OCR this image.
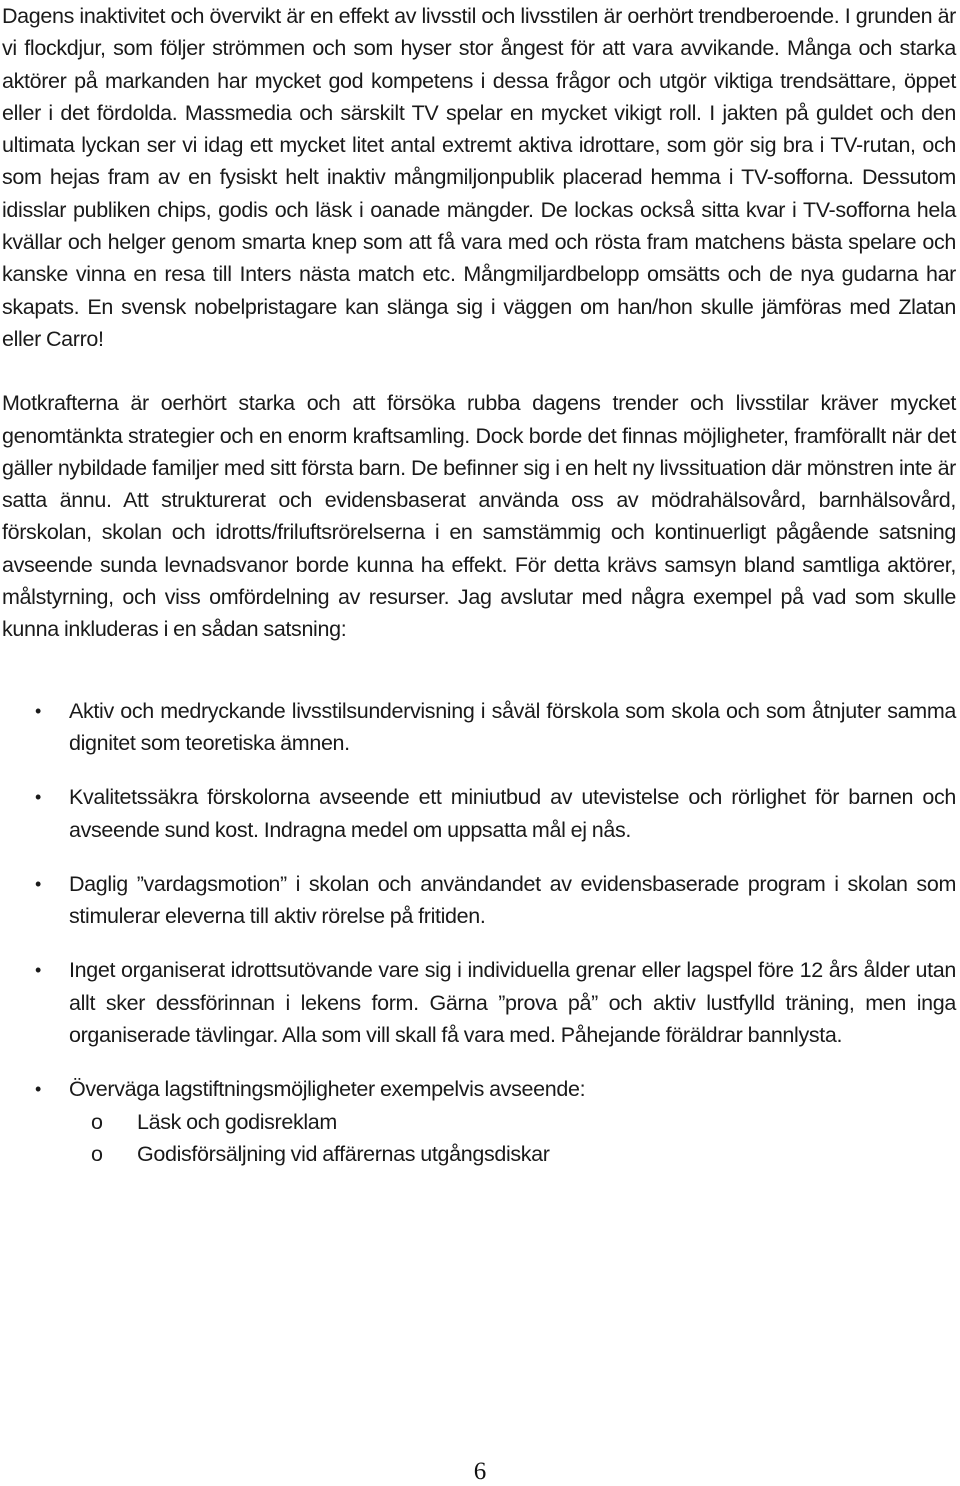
Dagens inaktivitet och övervikt är en effekt av livsstil och livsstilen är oerhört trendberoende. I grunden är vi flockdjur, som följer strömmen och som hyser stor ångest för att vara avvikande. Många och starka aktörer på markanden har mycket god kompetens i dessa frågor och utgör viktiga trendsättare, öppet eller i det fördolda. Massmedia och särskilt TV spelar en mycket vikigt roll. I jakten på guldet och den ultimata lyckan ser vi idag ett mycket litet antal extremt aktiva idrottare, som gör sig bra i TV-rutan, och som hejas fram av en fysiskt helt inaktiv mångmiljonpublik placerad hemma i TV-sofforna. Dessutom idisslar publiken chips, godis och läsk i oanade mängder. De lockas också sitta kvar i TV-sofforna hela kvällar och helger genom smarta knep som att få vara med och rösta fram matchens bästa spelare och kanske vinna en resa till Inters nästa match etc. Mångmiljardbelopp omsätts och de nya gudarna har skapats. En svensk nobelpristagare kan slänga sig i väggen om han/hon skulle jämföras med Zlatan eller Carro!

Motkrafterna är oerhört starka och att försöka rubba dagens trender och livsstilar kräver mycket genomtänkta strategier och en enorm kraftsamling. Dock borde det finnas möjligheter, framförallt när det gäller nybildade familjer med sitt första barn. De befinner sig i en helt ny livssituation där mönstren inte är satta ännu. Att strukturerat och evidensbaserat använda oss av mödrahälsovård, barnhälsovård, förskolan, skolan och idrotts/friluftsrörelserna i en samstämmig och kontinuerligt pågående satsning avseende sunda levnadsvanor borde kunna ha effekt. För detta krävs samsyn bland samtliga aktörer, målstyrning, och viss omfördelning av resurser. Jag avslutar med några exempel på vad som skulle kunna inkluderas i en sådan satsning:

• Aktiv och medryckande livsstilsundervisning i såväl förskola som skola och som åtnjuter samma dignitet som teoretiska ämnen.
• Kvalitetssäkra förskolorna avseende ett miniutbud av utevistelse och rörlighet för barnen och avseende sund kost. Indragna medel om uppsatta mål ej nås.
• Daglig ”vardagsmotion” i skolan och användandet av evidensbaserade program i skolan som stimulerar eleverna till aktiv rörelse på fritiden.
• Inget organiserat idrottsutövande vare sig i individuella grenar eller lagspel före 12 års ålder utan allt sker dessförinnan i lekens form. Gärna ”prova på” och aktiv lustfylld träning, men inga organiserade tävlingar. Alla som vill skall få vara med. Påhejande föräldrar bannlysta.
• Överväga lagstiftningsmöjligheter exempelvis avseende:
o Läsk och godisreklam
o Godisförsäljning vid affärernas utgångsdiskar
6
